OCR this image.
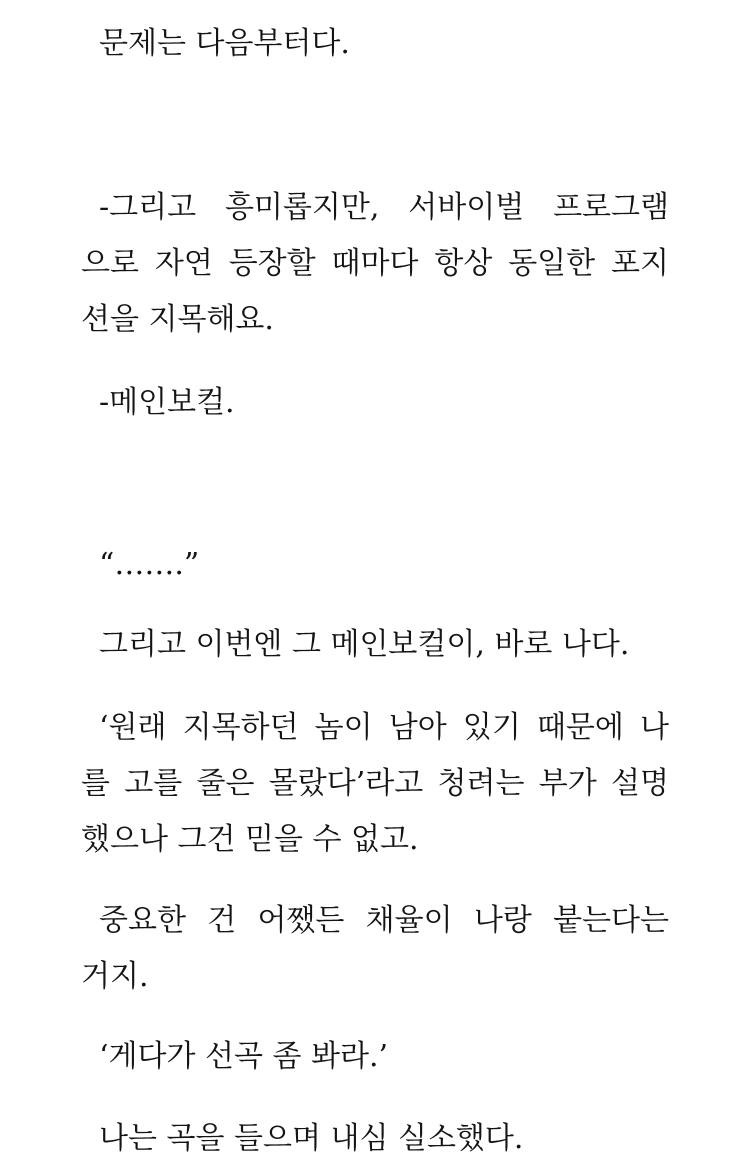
문제는 다음부터다.

-그리고 흥미롭지만, 서바이벌 프로그램
으로 자연 등장할 때마다 항상 동일한 포지
션을 지목해요.

-메인보컬.

“…….”

그리고 이번엔 그 메인보컬이, 바로 나다.

‘원래 지목하던 놈이 남아 있기 때문에 나
를 고를 줄은 몰랐다’라고 청려는 부가 설명
했으나 그건 믿을 수 없고.

중요한 건 어쨌든 채율이 나랑 붙는다는
거지.

‘게다가 선곡 좀 봐라.’

나는 곡을 들으며 내심 실소했다.
